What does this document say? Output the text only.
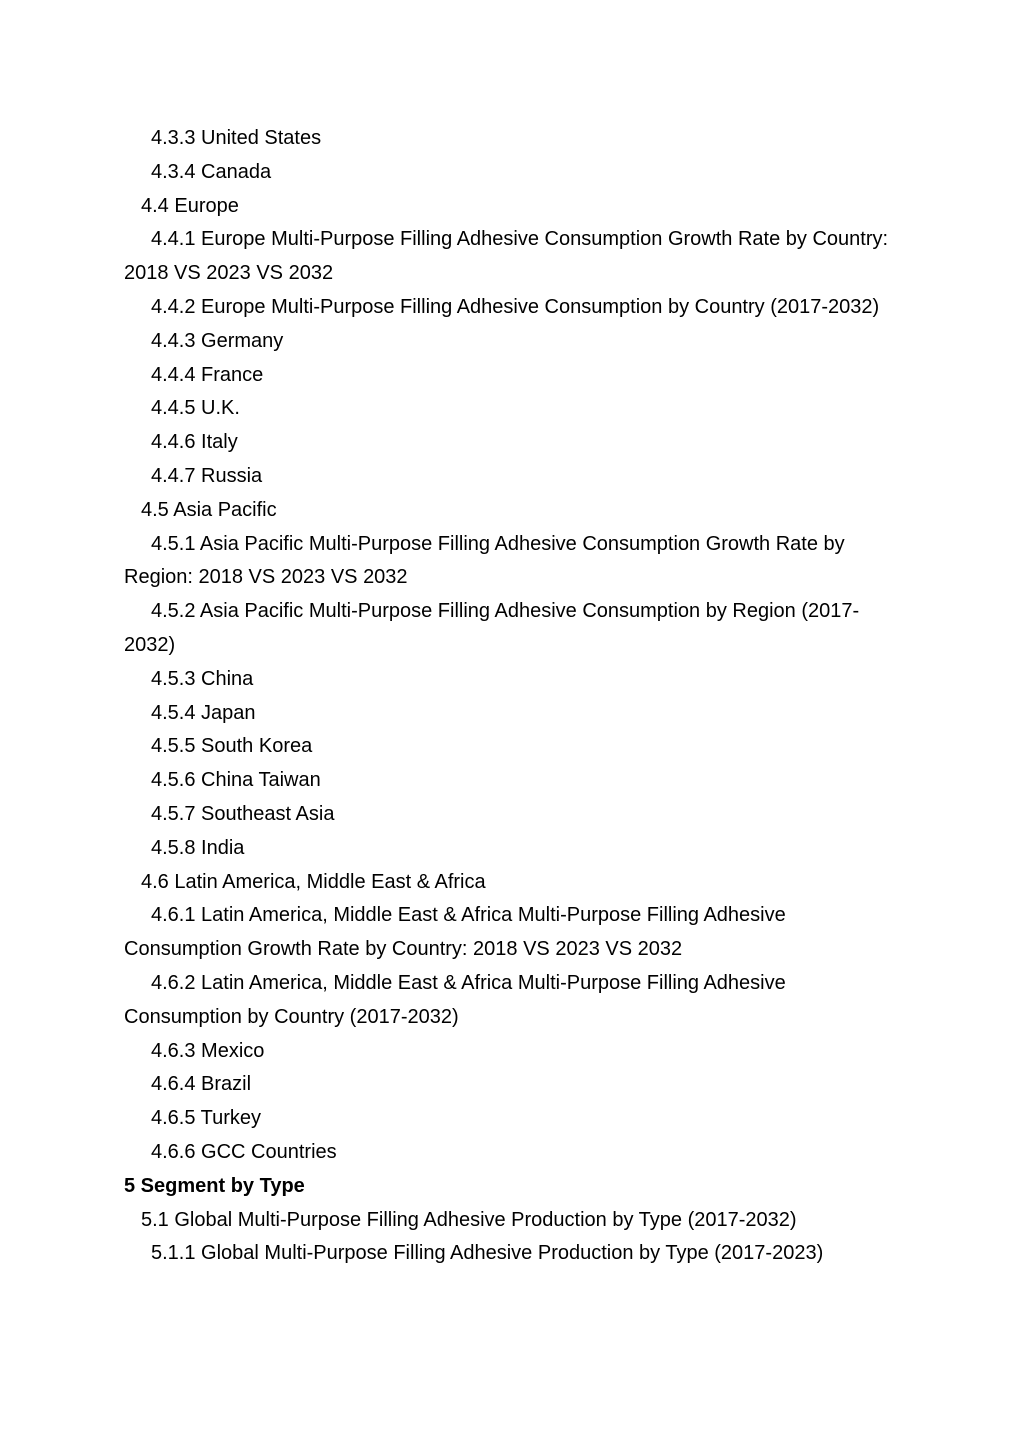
4.3.3 United States

4.3.4 Canada

4.4 Europe

4.4.1 Europe Multi-Purpose Filling Adhesive Consumption Growth Rate by Country: 2018 VS 2023 VS 2032

4.4.2 Europe Multi-Purpose Filling Adhesive Consumption by Country (2017-2032)

4.4.3 Germany

4.4.4 France

4.4.5 U.K.

4.4.6 Italy

4.4.7 Russia

4.5 Asia Pacific

4.5.1 Asia Pacific Multi-Purpose Filling Adhesive Consumption Growth Rate by Region: 2018 VS 2023 VS 2032

4.5.2 Asia Pacific Multi-Purpose Filling Adhesive Consumption by Region (2017-2032)

4.5.3 China

4.5.4 Japan

4.5.5 South Korea

4.5.6 China Taiwan

4.5.7 Southeast Asia

4.5.8 India

4.6 Latin America, Middle East & Africa

4.6.1 Latin America, Middle East & Africa Multi-Purpose Filling Adhesive Consumption Growth Rate by Country: 2018 VS 2023 VS 2032

4.6.2 Latin America, Middle East & Africa Multi-Purpose Filling Adhesive Consumption by Country (2017-2032)

4.6.3 Mexico

4.6.4 Brazil

4.6.5 Turkey

4.6.6 GCC Countries

5 Segment by Type

5.1 Global Multi-Purpose Filling Adhesive Production by Type (2017-2032)

5.1.1 Global Multi-Purpose Filling Adhesive Production by Type (2017-2023)
